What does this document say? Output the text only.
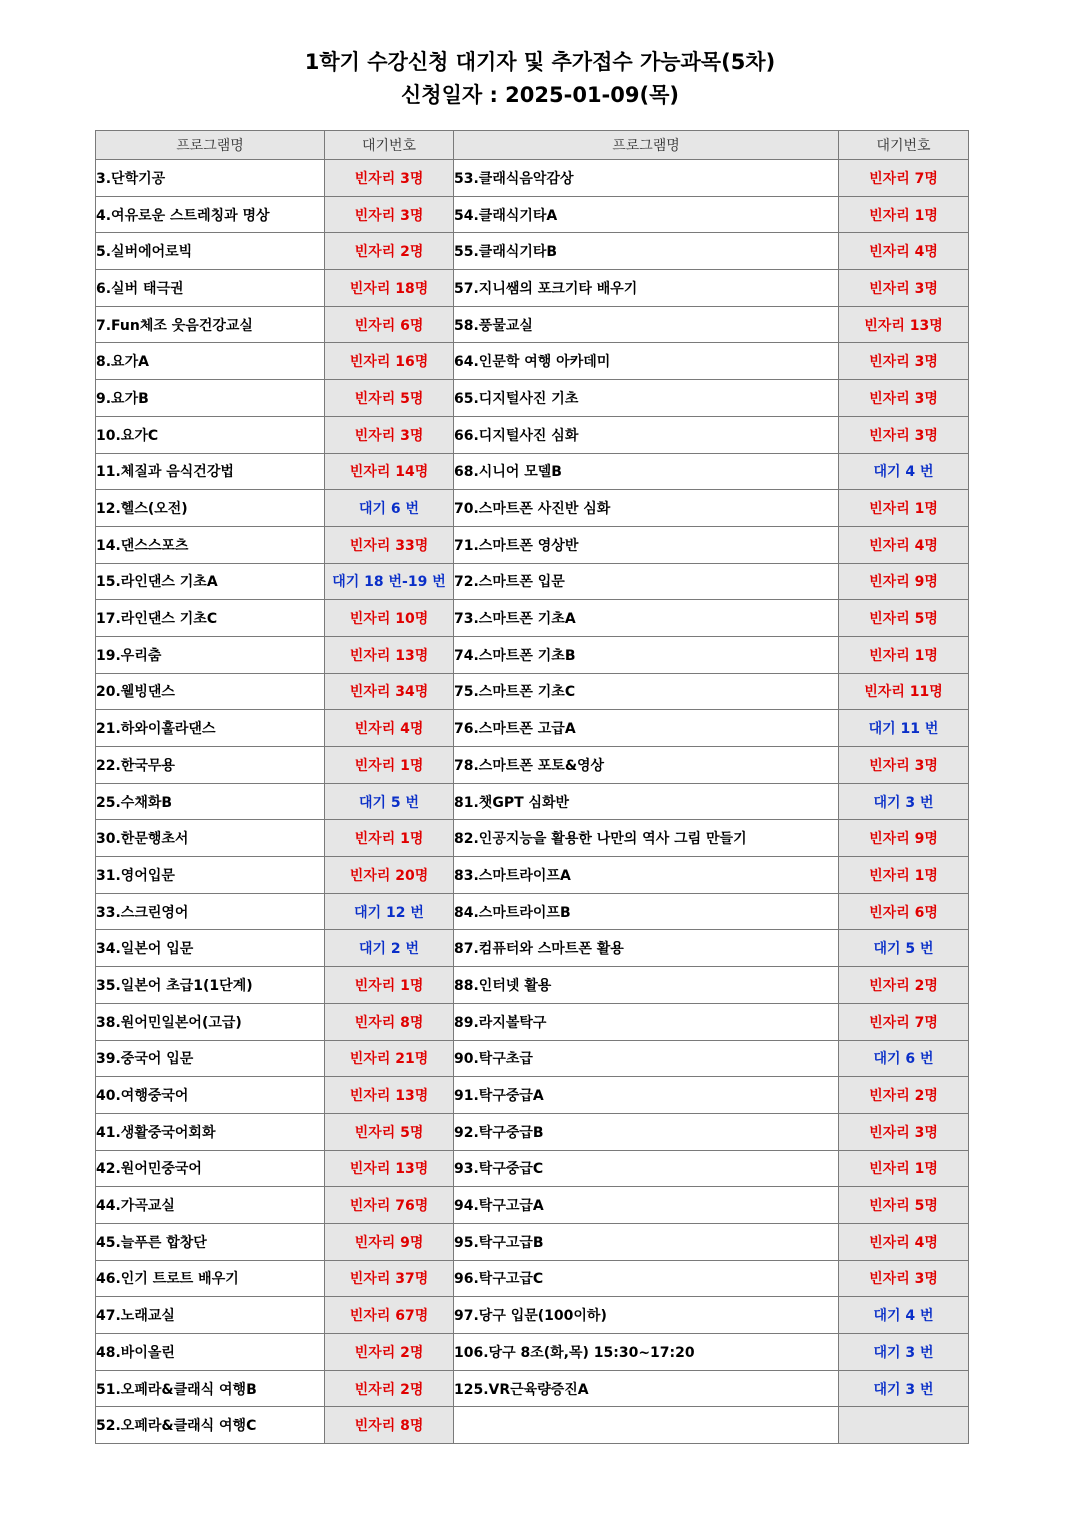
1학기 수강신청 대기자 및 추가접수 가능과목(5차)
신청일자 : 2025-01-09(목)
프로그램명	대기번호	프로그램명	대기번호
3.단학기공	빈자리 3명	53.클래식음악감상	빈자리 7명
4.여유로운 스트레칭과 명상	빈자리 3명	54.클래식기타A	빈자리 1명
5.실버에어로빅	빈자리 2명	55.클래식기타B	빈자리 4명
6.실버 태극권	빈자리 18명	57.지니쌤의 포크기타 배우기	빈자리 3명
7.Fun체조 웃음건강교실	빈자리 6명	58.풍물교실	빈자리 13명
8.요가A	빈자리 16명	64.인문학 여행 아카데미	빈자리 3명
9.요가B	빈자리 5명	65.디지털사진 기초	빈자리 3명
10.요가C	빈자리 3명	66.디지털사진 심화	빈자리 3명
11.체질과 음식건강법	빈자리 14명	68.시니어 모델B	대기 4 번
12.헬스(오전)	대기 6 번	70.스마트폰 사진반 심화	빈자리 1명
14.댄스스포츠	빈자리 33명	71.스마트폰 영상반	빈자리 4명
15.라인댄스 기초A	대기 18 번-19 번	72.스마트폰 입문	빈자리 9명
17.라인댄스 기초C	빈자리 10명	73.스마트폰 기초A	빈자리 5명
19.우리춤	빈자리 13명	74.스마트폰 기초B	빈자리 1명
20.웰빙댄스	빈자리 34명	75.스마트폰 기초C	빈자리 11명
21.하와이훌라댄스	빈자리 4명	76.스마트폰 고급A	대기 11 번
22.한국무용	빈자리 1명	78.스마트폰 포토&영상	빈자리 3명
25.수채화B	대기 5 번	81.챗GPT 심화반	대기 3 번
30.한문행초서	빈자리 1명	82.인공지능을 활용한 나만의 역사 그림 만들기	빈자리 9명
31.영어입문	빈자리 20명	83.스마트라이프A	빈자리 1명
33.스크린영어	대기 12 번	84.스마트라이프B	빈자리 6명
34.일본어 입문	대기 2 번	87.컴퓨터와 스마트폰 활용	대기 5 번
35.일본어 초급1(1단계)	빈자리 1명	88.인터넷 활용	빈자리 2명
38.원어민일본어(고급)	빈자리 8명	89.라지볼탁구	빈자리 7명
39.중국어 입문	빈자리 21명	90.탁구초급	대기 6 번
40.여행중국어	빈자리 13명	91.탁구중급A	빈자리 2명
41.생활중국어회화	빈자리 5명	92.탁구중급B	빈자리 3명
42.원어민중국어	빈자리 13명	93.탁구중급C	빈자리 1명
44.가곡교실	빈자리 76명	94.탁구고급A	빈자리 5명
45.늘푸른 합창단	빈자리 9명	95.탁구고급B	빈자리 4명
46.인기 트로트 배우기	빈자리 37명	96.탁구고급C	빈자리 3명
47.노래교실	빈자리 67명	97.당구 입문(100이하)	대기 4 번
48.바이올린	빈자리 2명	106.당구 8조(화,목) 15:30~17:20	대기 3 번
51.오페라&클래식 여행B	빈자리 2명	125.VR근육량증진A	대기 3 번
52.오페라&클래식 여행C	빈자리 8명		
